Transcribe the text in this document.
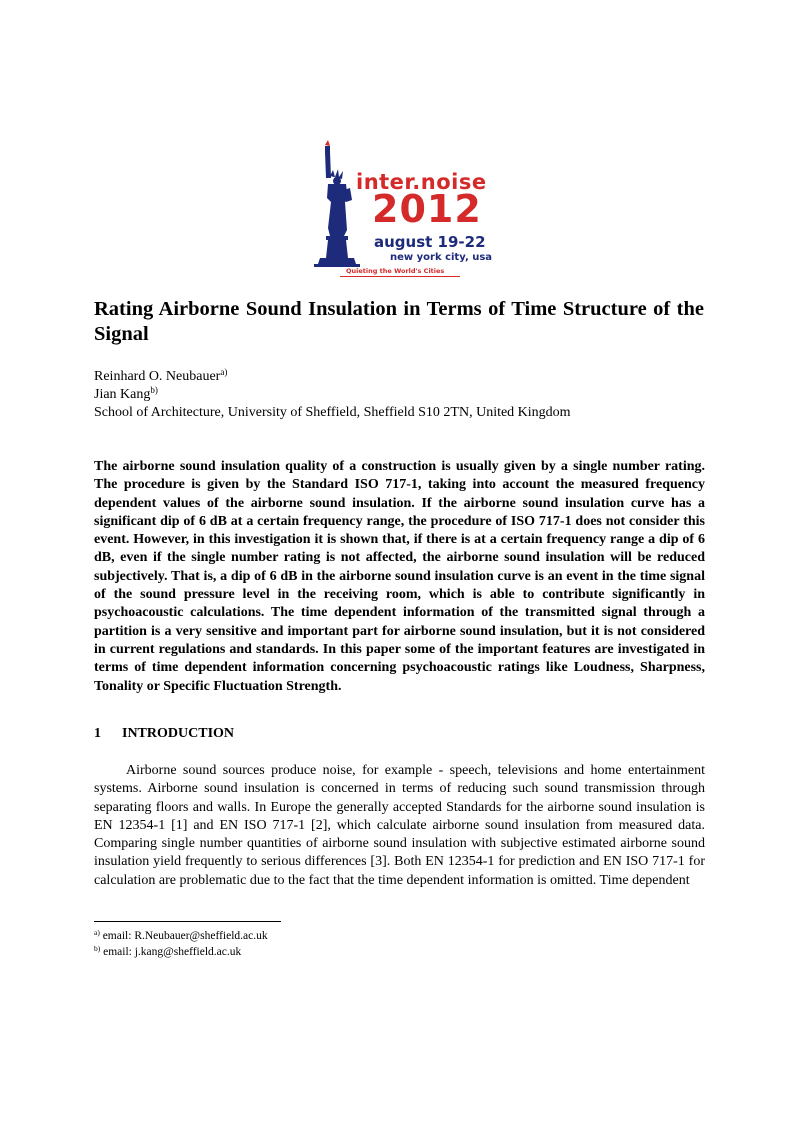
inter.noise
2012
august 19-22
new york city, usa
Quieting the World's Cities
Rating Airborne Sound Insulation in Terms of Time Structure of the Signal
Reinhard O. Neubauer$^{a)}$
Jian Kang$^{b)}$
School of Architecture, University of Sheffield, Sheffield S10 2TN, United Kingdom
The airborne sound insulation quality of a construction is usually given by a single number rating. The procedure is given by the Standard ISO 717-1, taking into account the measured frequency dependent values of the airborne sound insulation. If the airborne sound insulation curve has a significant dip of 6 dB at a certain frequency range, the procedure of ISO 717-1 does not consider this event. However, in this investigation it is shown that, if there is at a certain frequency range a dip of 6 dB, even if the single number rating is not affected, the airborne sound insulation will be reduced subjectively. That is, a dip of 6 dB in the airborne sound insulation curve is an event in the time signal of the sound pressure level in the receiving room, which is able to contribute significantly in psychoacoustic calculations. The time dependent information of the transmitted signal through a partition is a very sensitive and important part for airborne sound insulation, but it is not considered in current regulations and standards. In this paper some of the important features are investigated in terms of time dependent information concerning psychoacoustic ratings like Loudness, Sharpness, Tonality or Specific Fluctuation Strength.
1 INTRODUCTION
Airborne sound sources produce noise, for example - speech, televisions and home entertainment systems. Airborne sound insulation is concerned in terms of reducing such sound transmission through separating floors and walls. In Europe the generally accepted Standards for the airborne sound insulation is EN 12354-1 [1] and EN ISO 717-1 [2], which calculate airborne sound insulation from measured data. Comparing single number quantities of airborne sound insulation with subjective estimated airborne sound insulation yield frequently to serious differences [3]. Both EN 12354-1 for prediction and EN ISO 717-1 for calculation are problematic due to the fact that the time dependent information is omitted. Time dependent
$^{a)}$ email: R.Neubauer@sheffield.ac.uk
$^{b)}$ email: j.kang@sheffield.ac.uk
